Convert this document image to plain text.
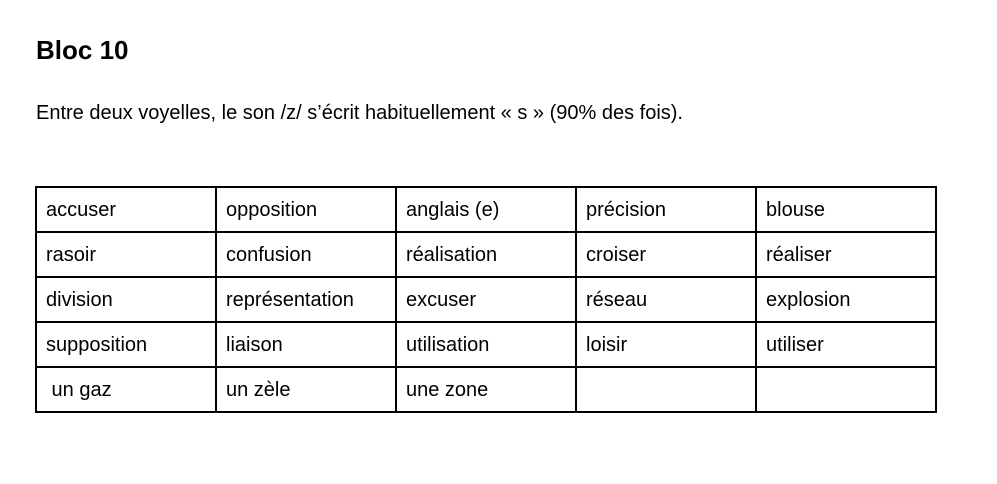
Bloc 10

Entre deux voyelles, le son /z/ s’écrit habituellement « s » (90% des fois).

accuser	opposition	anglais (e)	précision	blouse
rasoir	confusion	réalisation	croiser	réaliser
division	représentation	excuser	réseau	explosion
supposition	liaison	utilisation	loisir	utiliser
un gaz	un zèle	une zone		
